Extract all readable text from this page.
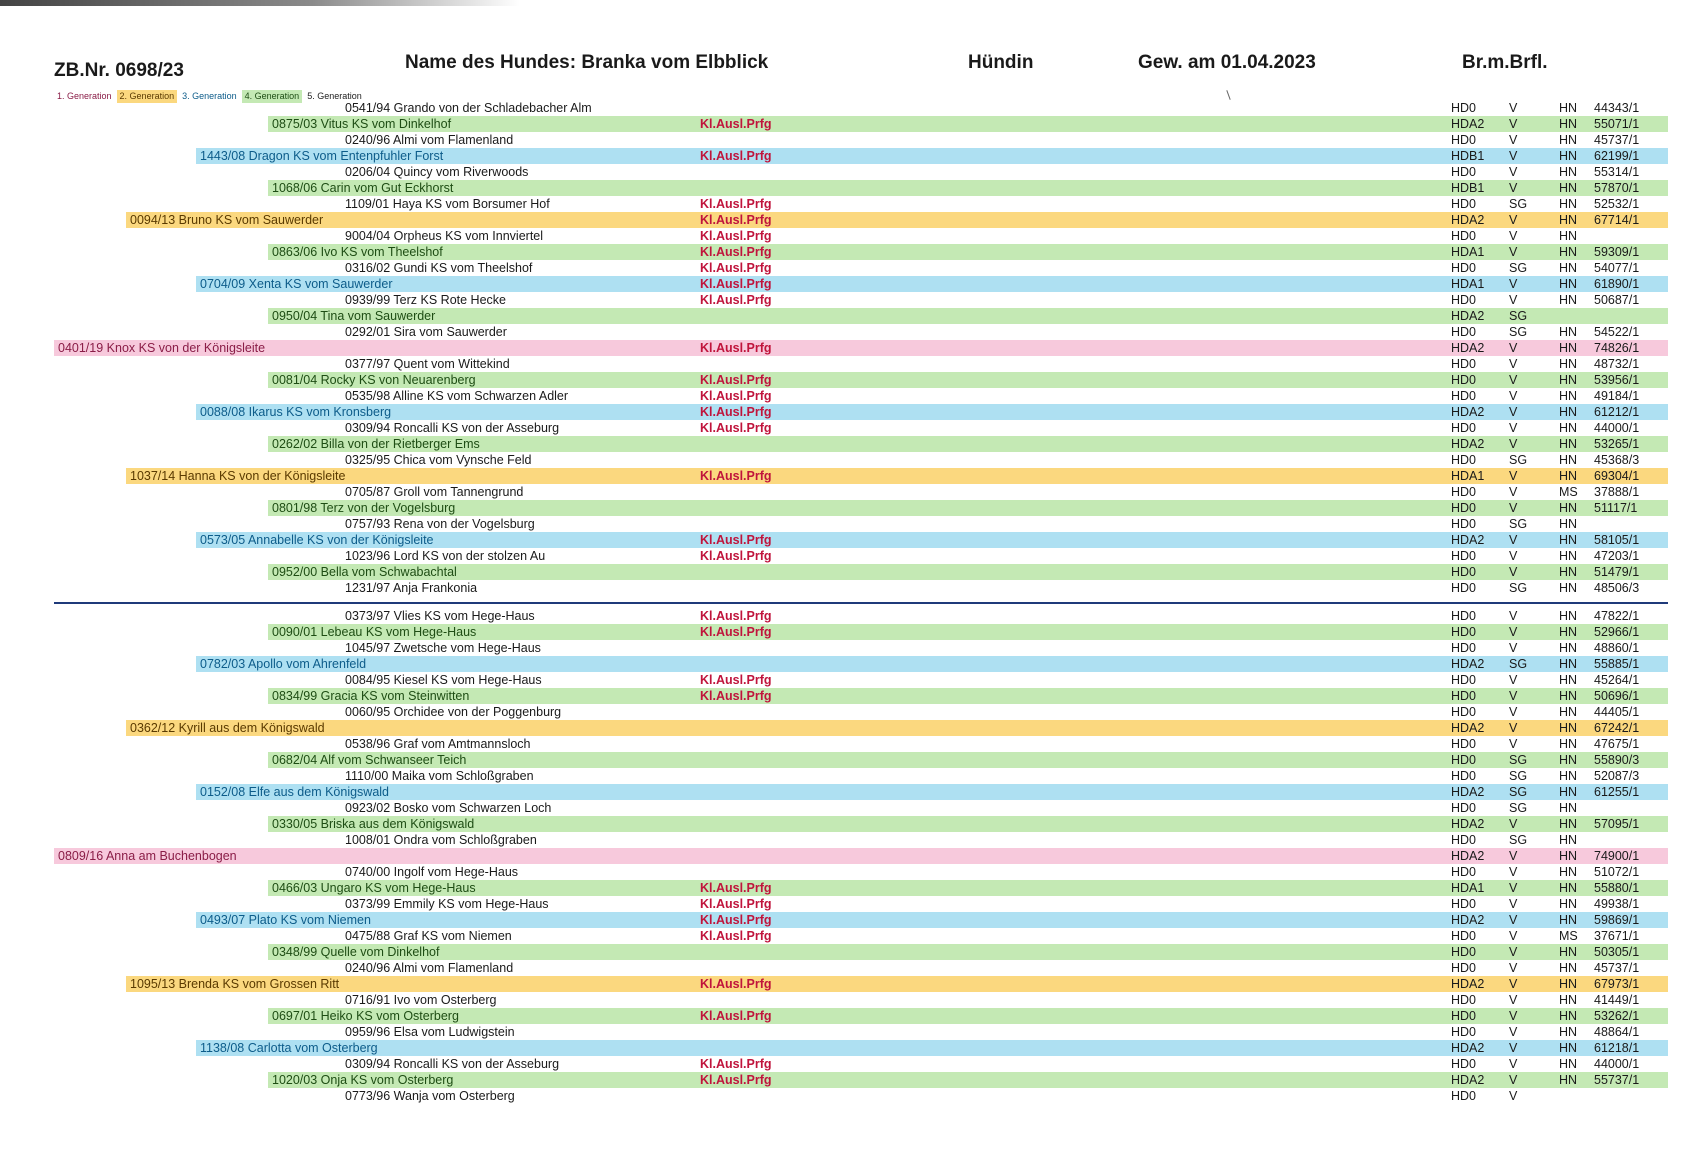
ZB.Nr. 0698/23	Name des Hundes: Branka vom Elbblick	Hündin	Gew. am 01.04.2023	Br.m.Brfl.
1. Generation 2. Generation 3. Generation 4. Generation 5. Generation
0541/94 Grando von der Schladebacher Alm	HD0	V	HN 44343/1
0875/03 Vitus KS vom Dinkelhof	Kl.Ausl.Prfg	HDA2 V	HN 55071/1
0240/96 Almi vom Flamenland	HD0	V	HN 45737/1
1443/08 Dragon KS vom Entenpfuhler Forst	Kl.Ausl.Prfg	HDB1 V	HN 62199/1
0206/04 Quincy vom Riverwoods	HD0	V	HN 55314/1
1068/06 Carin vom Gut Eckhorst	HDB1 V	HN 57870/1
1109/01 Haya KS vom Borsumer Hof	Kl.Ausl.Prfg	HD0	SG	HN 52532/1
0094/13 Bruno KS vom Sauwerder	Kl.Ausl.Prfg	HDA2 V	HN 67714/1
9004/04 Orpheus KS vom Innviertel	Kl.Ausl.Prfg	HD0	V	HN
0863/06 Ivo KS vom Theelshof	Kl.Ausl.Prfg	HDA1 V	HN 59309/1
0316/02 Gundi KS vom Theelshof	Kl.Ausl.Prfg	HD0	SG	HN 54077/1
0704/09 Xenta KS vom Sauwerder	Kl.Ausl.Prfg	HDA1 V	HN 61890/1
0939/99 Terz KS Rote Hecke	Kl.Ausl.Prfg	HD0	V	HN 50687/1
0950/04 Tina vom Sauwerder	HDA2 SG
0292/01 Sira vom Sauwerder	HD0	SG	HN 54522/1
0401/19 Knox KS von der Königsleite	Kl.Ausl.Prfg	HDA2 V	HN 74826/1
0377/97 Quent vom Wittekind	HD0	V	HN 48732/1
0081/04 Rocky KS von Neuarenberg	Kl.Ausl.Prfg	HD0	V	HN 53956/1
0535/98 Alline KS vom Schwarzen Adler	Kl.Ausl.Prfg	HD0	V	HN 49184/1
0088/08 Ikarus KS vom Kronsberg	Kl.Ausl.Prfg	HDA2 V	HN 61212/1
0309/94 Roncalli KS von der Asseburg	Kl.Ausl.Prfg	HD0	V	HN 44000/1
0262/02 Billa von der Rietberger Ems	HDA2 V	HN 53265/1
0325/95 Chica vom Vynsche Feld	HD0	SG	HN 45368/3
1037/14 Hanna KS von der Königsleite	Kl.Ausl.Prfg	HDA1 V	HN 69304/1
0705/87 Groll vom Tannengrund	HD0	V	MS 37888/1
0801/98 Terz von der Vogelsburg	HD0	V	HN 51117/1
0757/93 Rena von der Vogelsburg	HD0	SG	HN
0573/05 Annabelle KS von der Königsleite	Kl.Ausl.Prfg	HDA2 V	HN 58105/1
1023/96 Lord KS von der stolzen Au	Kl.Ausl.Prfg	HD0	V	HN 47203/1
0952/00 Bella vom Schwabachtal	HD0	V	HN 51479/1
1231/97 Anja Frankonia	HD0	SG	HN 48506/3
0373/97 Vlies KS vom Hege-Haus	Kl.Ausl.Prfg	HD0	V	HN 47822/1
0090/01 Lebeau KS vom Hege-Haus	Kl.Ausl.Prfg	HD0	V	HN 52966/1
1045/97 Zwetsche vom Hege-Haus	HD0	V	HN 48860/1
0782/03 Apollo vom Ahrenfeld	HDA2 SG	HN 55885/1
0084/95 Kiesel KS vom Hege-Haus	Kl.Ausl.Prfg	HD0	V	HN 45264/1
0834/99 Gracia KS vom Steinwitten	Kl.Ausl.Prfg	HD0	V	HN 50696/1
0060/95 Orchidee von der Poggenburg	HD0	V	HN 44405/1
0362/12 Kyrill aus dem Königswald	HDA2 V	HN 67242/1
0538/96 Graf vom Amtmannsloch	HD0	V	HN 47675/1
0682/04 Alf vom Schwanseer Teich	HD0	SG	HN 55890/3
1110/00 Maika vom Schloßgraben	HD0	SG	HN 52087/3
0152/08 Elfe aus dem Königswald	HDA2 SG	HN 61255/1
0923/02 Bosko vom Schwarzen Loch	HD0	SG	HN
0330/05 Briska aus dem Königswald	HDA2 V	HN 57095/1
1008/01 Ondra vom Schloßgraben	HD0	SG	HN
0809/16 Anna am Buchenbogen	HDA2 V	HN 74900/1
0740/00 Ingolf vom Hege-Haus	HD0	V	HN 51072/1
0466/03 Ungaro KS vom Hege-Haus	Kl.Ausl.Prfg	HDA1 V	HN 55880/1
0373/99 Emmily KS vom Hege-Haus	Kl.Ausl.Prfg	HD0	V	HN 49938/1
0493/07 Plato KS vom Niemen	Kl.Ausl.Prfg	HDA2 V	HN 59869/1
0475/88 Graf KS vom Niemen	Kl.Ausl.Prfg	HD0	V	MS 37671/1
0348/99 Quelle vom Dinkelhof	HD0	V	HN 50305/1
0240/96 Almi vom Flamenland	HD0	V	HN 45737/1
1095/13 Brenda KS vom Grossen Ritt	Kl.Ausl.Prfg	HDA2 V	HN 67973/1
0716/91 Ivo vom Osterberg	HD0	V	HN 41449/1
0697/01 Heiko KS vom Osterberg	Kl.Ausl.Prfg	HD0	V	HN 53262/1
0959/96 Elsa vom Ludwigstein	HD0	V	HN 48864/1
1138/08 Carlotta vom Osterberg	HDA2 V	HN 61218/1
0309/94 Roncalli KS von der Asseburg	Kl.Ausl.Prfg	HD0	V	HN 44000/1
1020/03 Onja KS vom Osterberg	Kl.Ausl.Prfg	HDA2 V	HN 55737/1
0773/96 Wanja vom Osterberg	HD0	V
